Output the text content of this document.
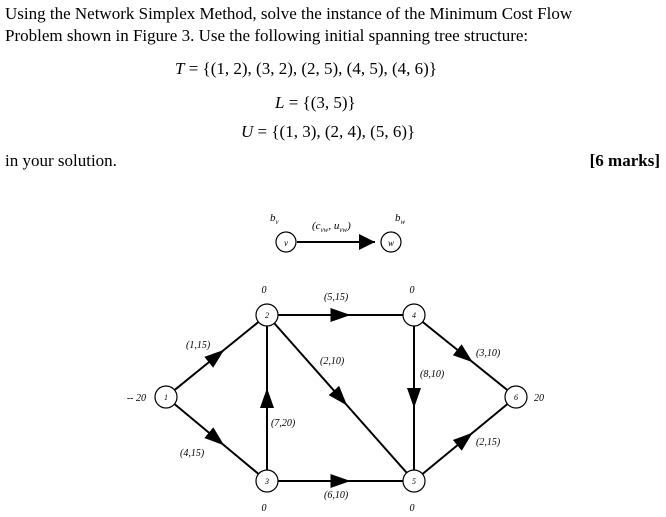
Using the Network Simplex Method, solve the instance of the Minimum Cost Flow
Problem shown in Figure 3. Use the following initial spanning tree structure:
T = {(1, 2), (3, 2), (2, 5), (4, 5), (4, 6)}
L = {(3, 5)}
U = {(1, 3), (2, 4), (5, 6)}
in your solution.	[6 marks]
v	w
$b_v$	$b_w$
($c_{vw}$, $u_{vw}$)
(1,15)
(4,15)
(5,15)
(2,10)
(7,20)
(6,10)
(8,10)
(3,10)
(2,15)
1
-- 20
2
0
3
0
4
0
5
0
6 20
